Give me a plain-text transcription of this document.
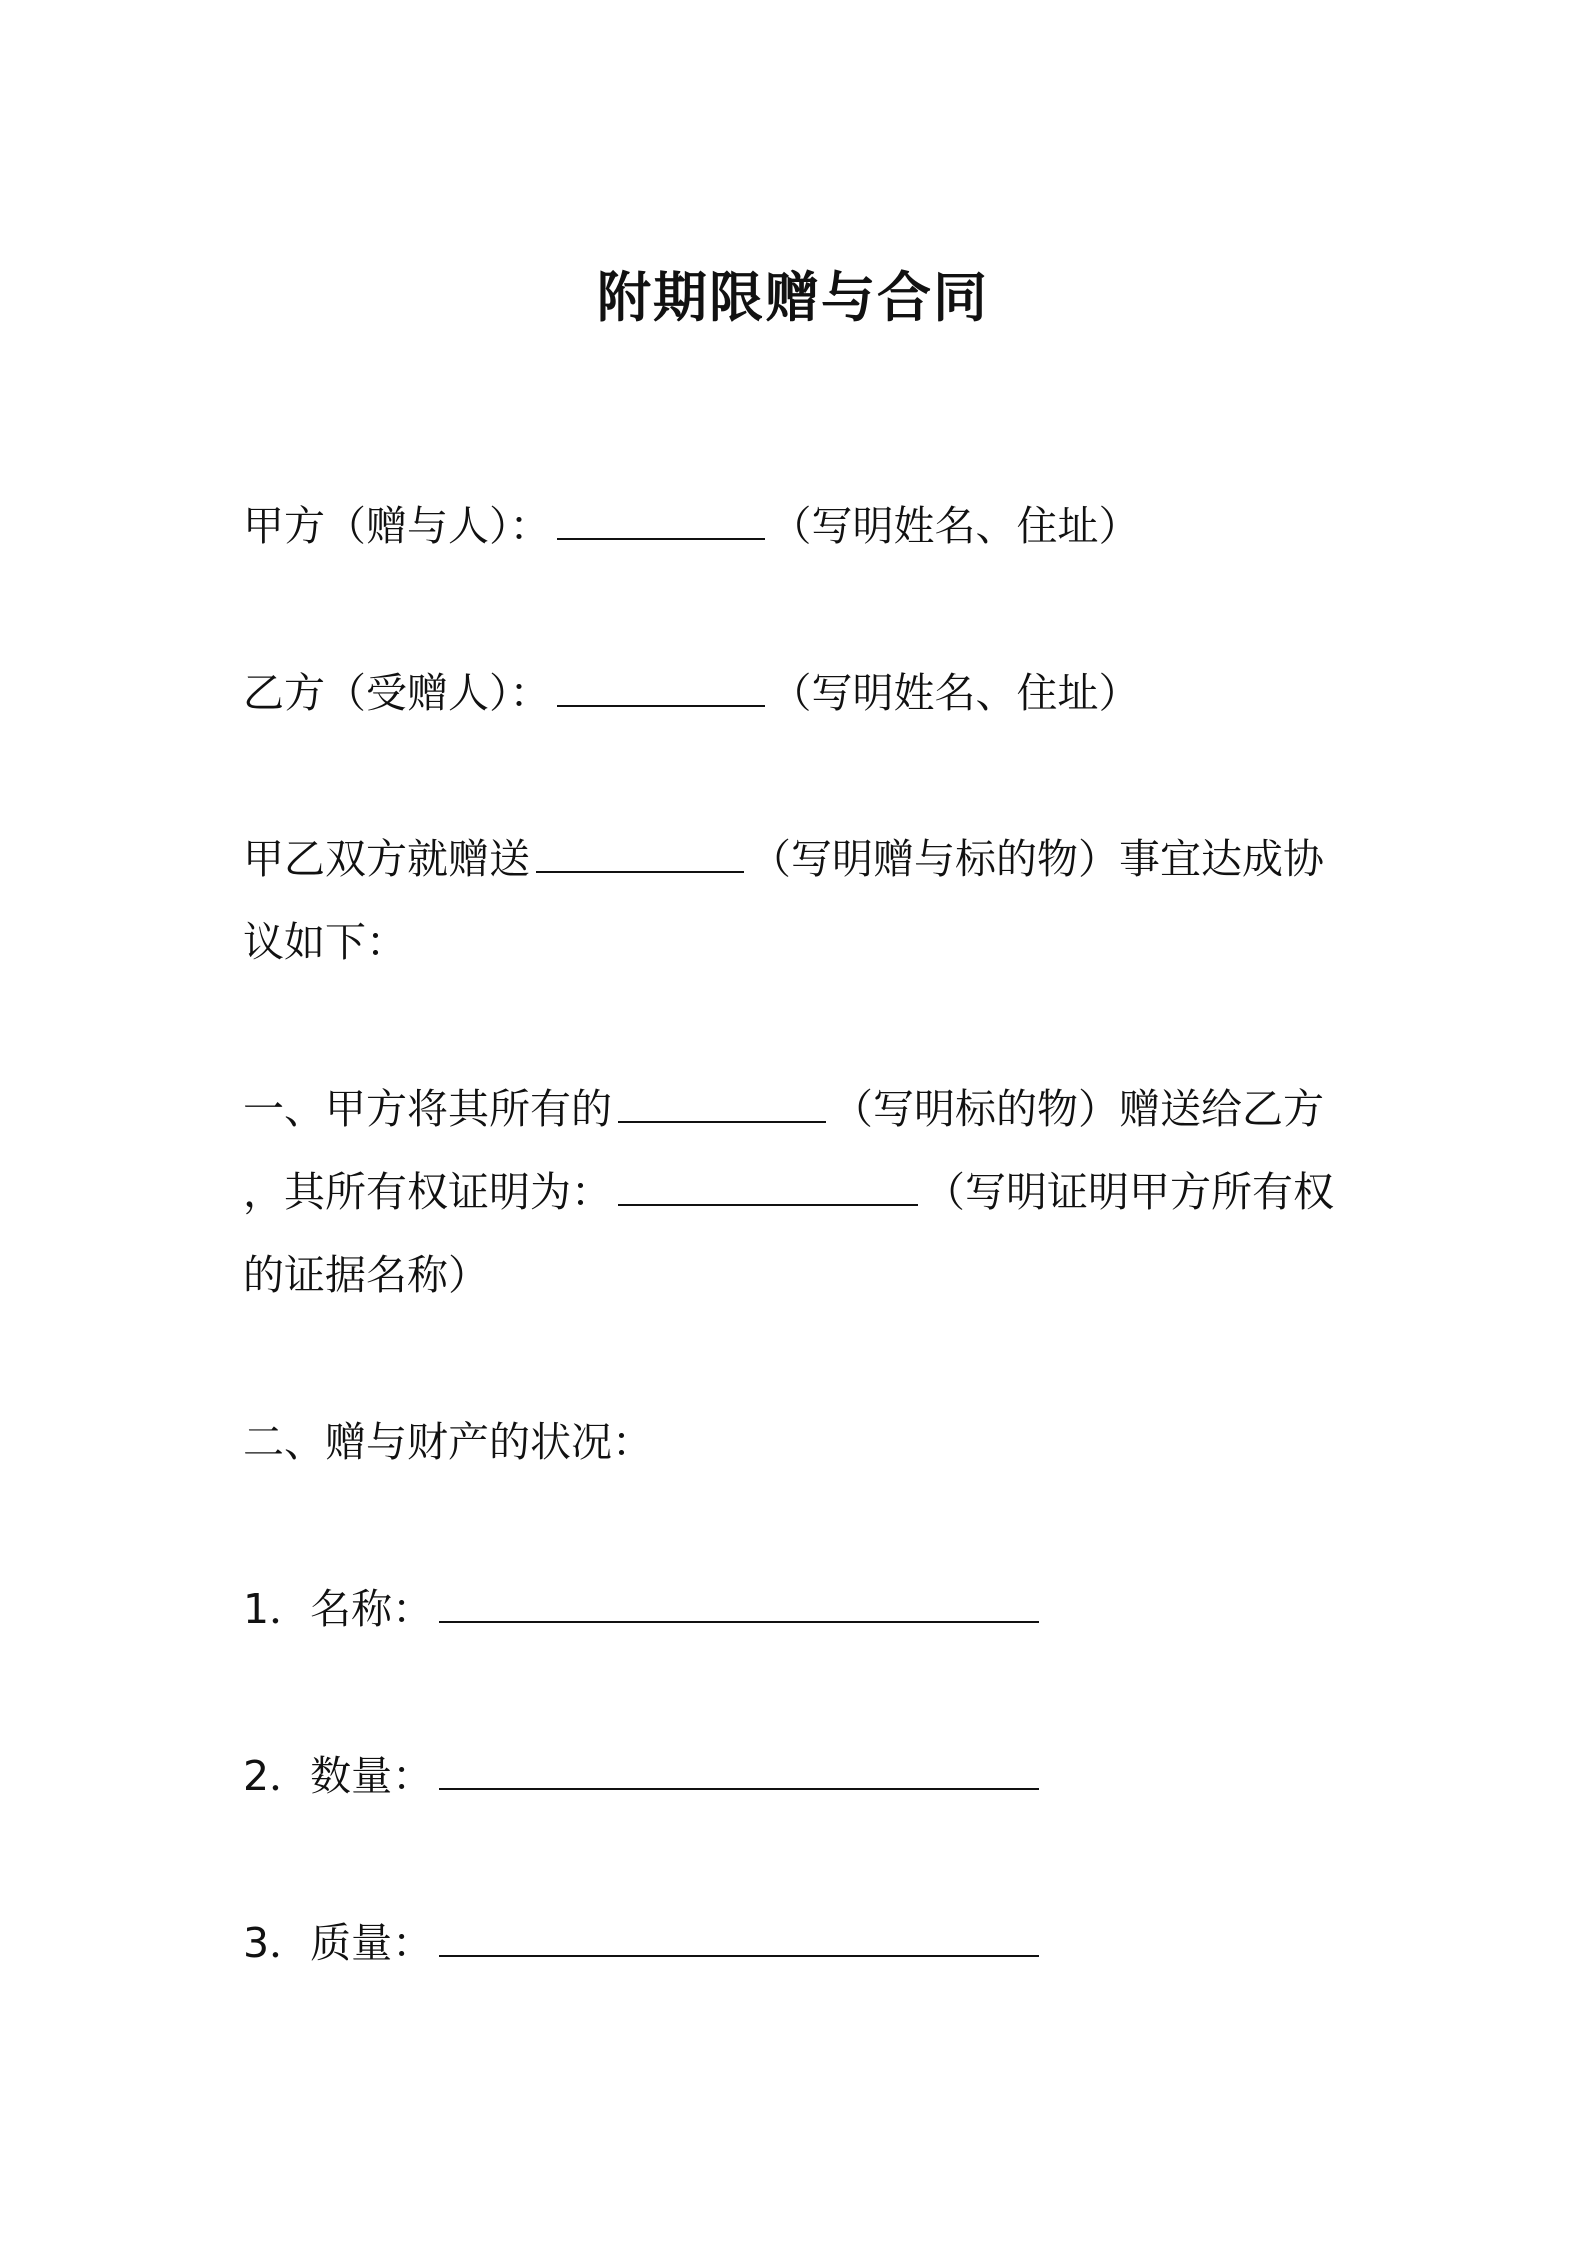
附期限赠与合同

甲方（赠与人）：	（写明姓名、住址）

乙方（受赠人）：	（写明姓名、住址）

甲乙双方就赠送	（写明赠与标的物）事宜达成协
议如下：

一、甲方将其所有的	（写明标的物）赠送给乙方
，其所有权证明为：	（写明证明甲方所有权
的证据名称）

二、赠与财产的状况：

1．名称：

2．数量：

3．质量：
